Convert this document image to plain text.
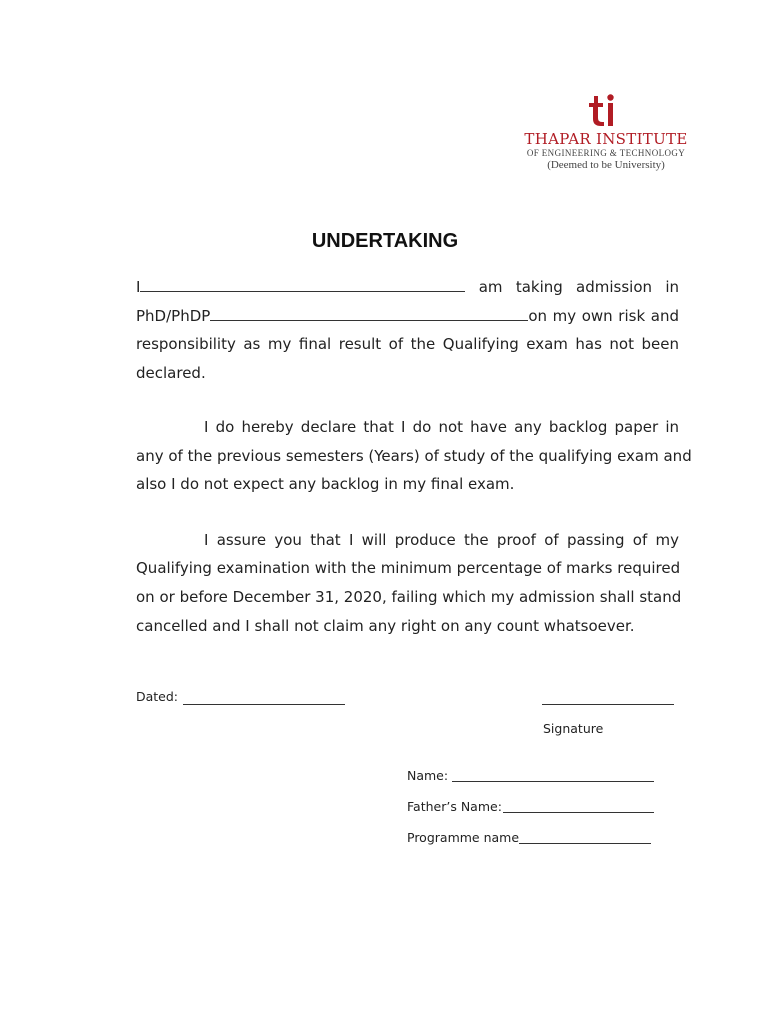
THAPAR INSTITUTE
OF ENGINEERING & TECHNOLOGY
(Deemed to be University)
UNDERTAKING
I	am taking admission in
PhD/PhDP	on my own risk and
responsibility as my final result of the Qualifying exam has not been
declared.
I do hereby declare that I do not have any backlog paper in
any of the previous semesters (Years) of study of the qualifying exam and
also I do not expect any backlog in my final exam.
I assure you that I will produce the proof of passing of my
Qualifying examination with the minimum percentage of marks required
on or before December 31, 2020, failing which my admission shall stand
cancelled and I shall not claim any right on any count whatsoever.
Dated:
Signature
Name:
Father’s Name:
Programme name
